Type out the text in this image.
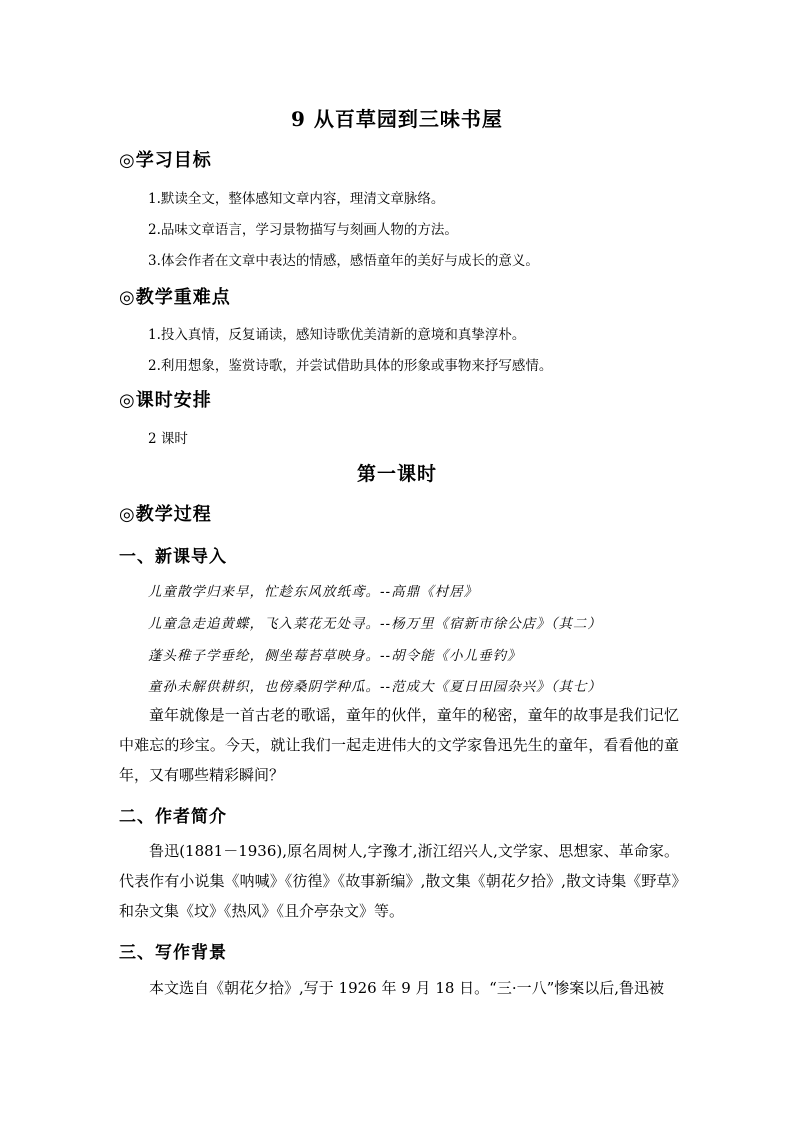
9 从百草园到三味书屋
◎学习目标
1.默读全文，整体感知文章内容，理清文章脉络。
2.品味文章语言，学习景物描写与刻画人物的方法。
3.体会作者在文章中表达的情感，感悟童年的美好与成长的意义。
◎教学重难点
1.投入真情，反复诵读，感知诗歌优美清新的意境和真挚淳朴。
2.利用想象，鉴赏诗歌，并尝试借助具体的形象或事物来抒写感情。
◎课时安排
2 课时
第一课时
◎教学过程
一、新课导入
儿童散学归来早，忙趁东风放纸鸢。--高鼎《村居》
儿童急走追黄蝶，飞入菜花无处寻。--杨万里《宿新市徐公店》（其二）
蓬头稚子学垂纶，侧坐莓苔草映身。--胡令能《小儿垂钓》
童孙未解供耕织，也傍桑阴学种瓜。--范成大《夏日田园杂兴》（其七）
童年就像是一首古老的歌谣，童年的伙伴，童年的秘密，童年的故事是我们记忆中难忘的珍宝。今天，就让我们一起走进伟大的文学家鲁迅先生的童年，看看他的童年，又有哪些精彩瞬间？
二、作者简介
鲁迅(1881－1936),原名周树人,字豫才,浙江绍兴人,文学家、思想家、革命家。代表作有小说集《呐喊》《彷徨》《故事新编》,散文集《朝花夕拾》,散文诗集《野草》和杂文集《坟》《热风》《且介亭杂文》等。
三、写作背景
本文选自《朝花夕拾》,写于 1926 年 9 月 18 日。“三·一八”惨案以后,鲁迅被
